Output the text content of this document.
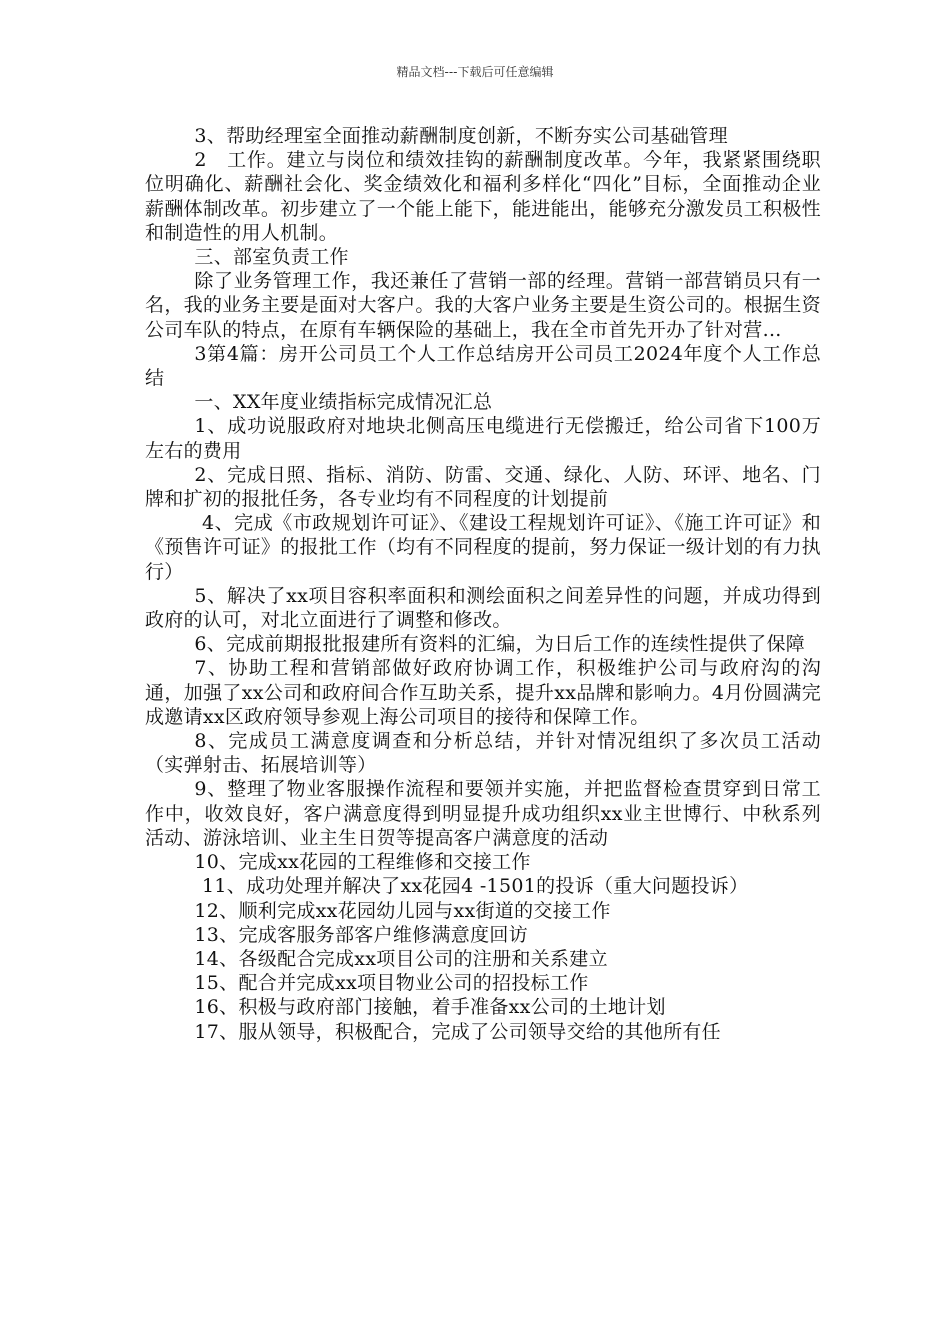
精品文档---下载后可任意编辑

3、帮助经理室全面推动薪酬制度创新，不断夯实公司基础管理

2　工作。建立与岗位和绩效挂钩的薪酬制度改革。今年，我紧紧围绕职位明确化、薪酬社会化、奖金绩效化和福利多样化“四化”目标，全面推动企业薪酬体制改革。初步建立了一个能上能下，能进能出，能够充分激发员工积极性和制造性的用人机制。

三、部室负责工作

除了业务管理工作，我还兼任了营销一部的经理。营销一部营销员只有一名，我的业务主要是面对大客户。我的大客户业务主要是生资公司的。根据生资公司车队的特点，在原有车辆保险的基础上，我在全市首先开办了针对营...

3第4篇：房开公司员工个人工作总结房开公司员工2024年度个人工作总结

一、XX年度业绩指标完成情况汇总

1、成功说服政府对地块北侧高压电缆进行无偿搬迁，给公司省下100万左右的费用

2、完成日照、指标、消防、防雷、交通、绿化、人防、环评、地名、门牌和扩初的报批任务，各专业均有不同程度的计划提前

4、完成《市政规划许可证》、《建设工程规划许可证》、《施工许可证》和《预售许可证》的报批工作（均有不同程度的提前，努力保证一级计划的有力执行）

5、解决了xx项目容积率面积和测绘面积之间差异性的问题，并成功得到政府的认可，对北立面进行了调整和修改。

6、完成前期报批报建所有资料的汇编，为日后工作的连续性提供了保障

7、协助工程和营销部做好政府协调工作，积极维护公司与政府沟的沟通，加强了xx公司和政府间合作互助关系，提升xx品牌和影响力。4月份圆满完成邀请xx区政府领导参观上海公司项目的接待和保障工作。

8、完成员工满意度调查和分析总结，并针对情况组织了多次员工活动（实弹射击、拓展培训等）

9、整理了物业客服操作流程和要领并实施，并把监督检查贯穿到日常工作中，收效良好，客户满意度得到明显提升成功组织xx业主世博行、中秋系列活动、游泳培训、业主生日贺等提高客户满意度的活动

10、完成xx花园的工程维修和交接工作

11、成功处理并解决了xx花园4 -1501的投诉（重大问题投诉）

12、顺利完成xx花园幼儿园与xx街道的交接工作

13、完成客服务部客户维修满意度回访

14、各级配合完成xx项目公司的注册和关系建立

15、配合并完成xx项目物业公司的招投标工作

16、积极与政府部门接触，着手准备xx公司的土地计划

17、服从领导，积极配合，完成了公司领导交给的其他所有任
